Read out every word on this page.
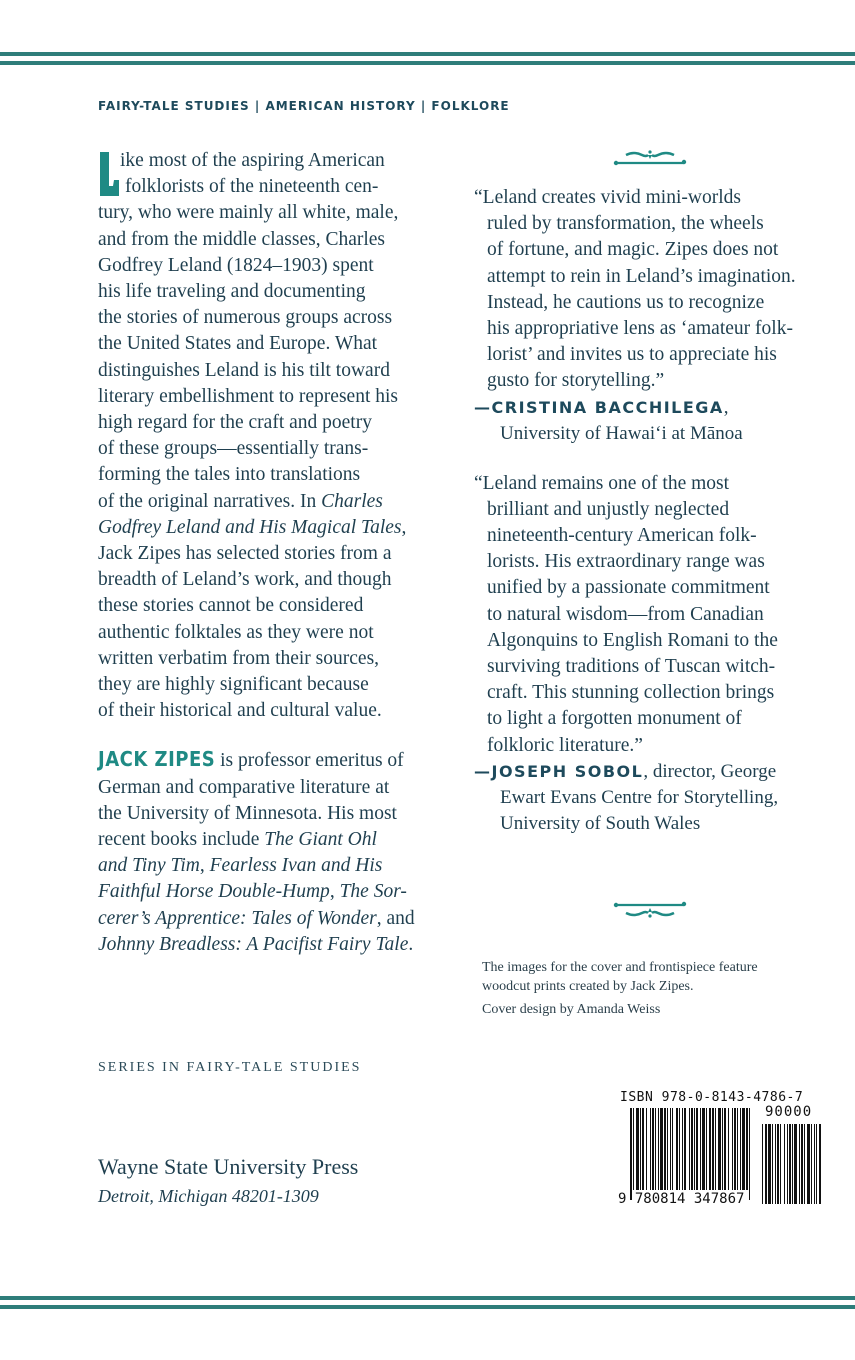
FAIRY-TALE STUDIES | AMERICAN HISTORY | FOLKLORE
ike most of the aspiring American
folklorists of the nineteenth cen-
tury, who were mainly all white, male,
and from the middle classes, Charles
Godfrey Leland (1824–1903) spent
his life traveling and documenting
the stories of numerous groups across
the United States and Europe. What
distinguishes Leland is his tilt toward
literary embellishment to represent his
high regard for the craft and poetry
of these groups—essentially trans-
forming the tales into translations
of the original narratives. In Charles
Godfrey Leland and His Magical Tales,
Jack Zipes has selected stories from a
breadth of Leland’s work, and though
these stories cannot be considered
authentic folktales as they were not
written verbatim from their sources,
they are highly significant because
of their historical and cultural value.
JACK ZIPES is professor emeritus of
German and comparative literature at
the University of Minnesota. His most
recent books include The Giant Ohl
and Tiny Tim, Fearless Ivan and His
Faithful Horse Double-Hump, The Sor-
cerer’s Apprentice: Tales of Wonder, and
Johnny Breadless: A Pacifist Fairy Tale.
SERIES IN FAIRY-TALE STUDIES
Wayne State University Press
Detroit, Michigan 48201-1309
“Leland creates vivid mini-worlds
ruled by transformation, the wheels
of fortune, and magic. Zipes does not
attempt to rein in Leland’s imagination.
Instead, he cautions us to recognize
his appropriative lens as ‘amateur folk-
lorist’ and invites us to appreciate his
gusto for storytelling.”
—CRISTINA BACCHILEGA,
University of Hawai‘i at Mānoa
“Leland remains one of the most
brilliant and unjustly neglected
nineteenth-century American folk-
lorists. His extraordinary range was
unified by a passionate commitment
to natural wisdom—from Canadian
Algonquins to English Romani to the
surviving traditions of Tuscan witch-
craft. This stunning collection brings
to light a forgotten monument of
folkloric literature.”
—JOSEPH SOBOL, director, George
Ewart Evans Centre for Storytelling,
University of South Wales
The images for the cover and frontispiece feature
woodcut prints created by Jack Zipes.
Cover design by Amanda Weiss
ISBN 978-0-8143-4786-7
90000
9 780814 347867
